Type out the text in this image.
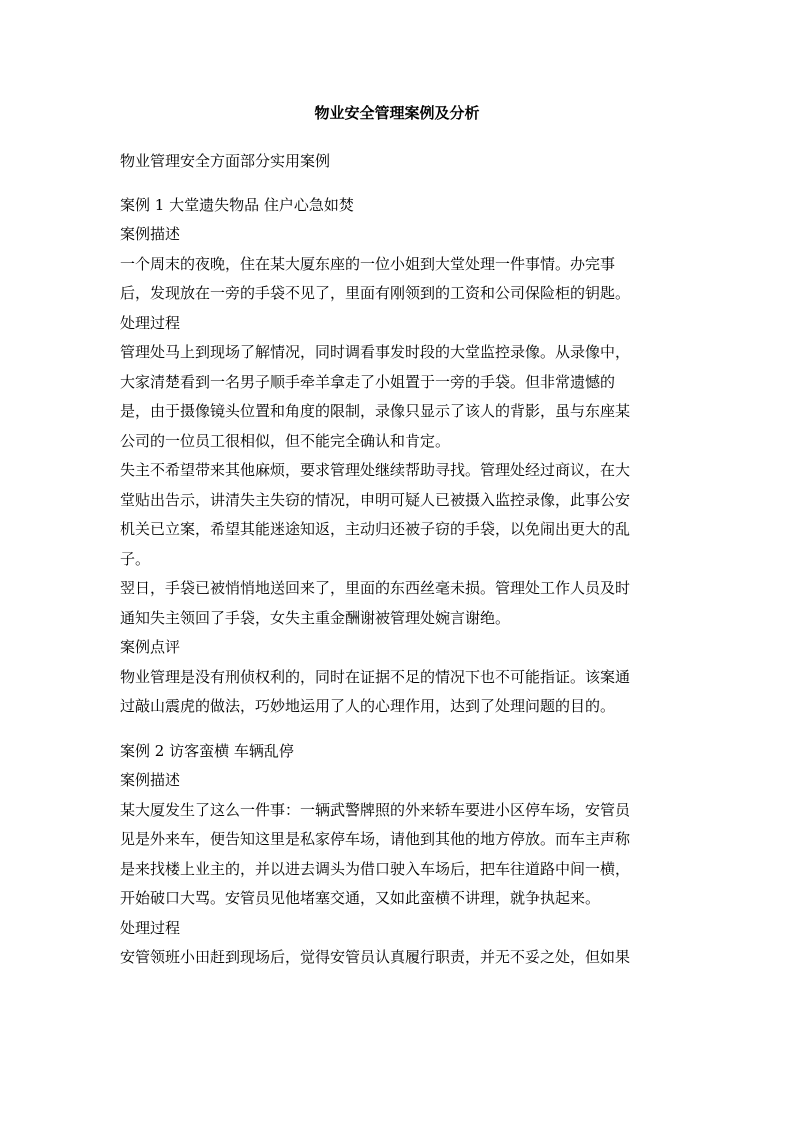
物业安全管理案例及分析
物业管理安全方面部分实用案例
案例 1 大堂遗失物品 住户心急如焚
案例描述
一个周末的夜晚，住在某大厦东座的一位小姐到大堂处理一件事情。办完事
后，发现放在一旁的手袋不见了，里面有刚领到的工资和公司保险柜的钥匙。
处理过程
管理处马上到现场了解情况，同时调看事发时段的大堂监控录像。从录像中，
大家清楚看到一名男子顺手牵羊拿走了小姐置于一旁的手袋。但非常遗憾的
是，由于摄像镜头位置和角度的限制，录像只显示了该人的背影，虽与东座某
公司的一位员工很相似，但不能完全确认和肯定。
失主不希望带来其他麻烦，要求管理处继续帮助寻找。管理处经过商议，在大
堂贴出告示，讲清失主失窃的情况，申明可疑人已被摄入监控录像，此事公安
机关已立案，希望其能迷途知返，主动归还被子窃的手袋，以免闹出更大的乱
子。
翌日，手袋已被悄悄地送回来了，里面的东西丝毫未损。管理处工作人员及时
通知失主领回了手袋，女失主重金酬谢被管理处婉言谢绝。
案例点评
物业管理是没有刑侦权利的，同时在证据不足的情况下也不可能指证。该案通
过敲山震虎的做法，巧妙地运用了人的心理作用，达到了处理问题的目的。
案例 2 访客蛮横 车辆乱停
案例描述
某大厦发生了这么一件事：一辆武警牌照的外来轿车要进小区停车场，安管员
见是外来车，便告知这里是私家停车场，请他到其他的地方停放。而车主声称
是来找楼上业主的，并以进去调头为借口驶入车场后，把车往道路中间一横，
开始破口大骂。安管员见他堵塞交通，又如此蛮横不讲理，就争执起来。
处理过程
安管领班小田赶到现场后，觉得安管员认真履行职责，并无不妥之处，但如果
